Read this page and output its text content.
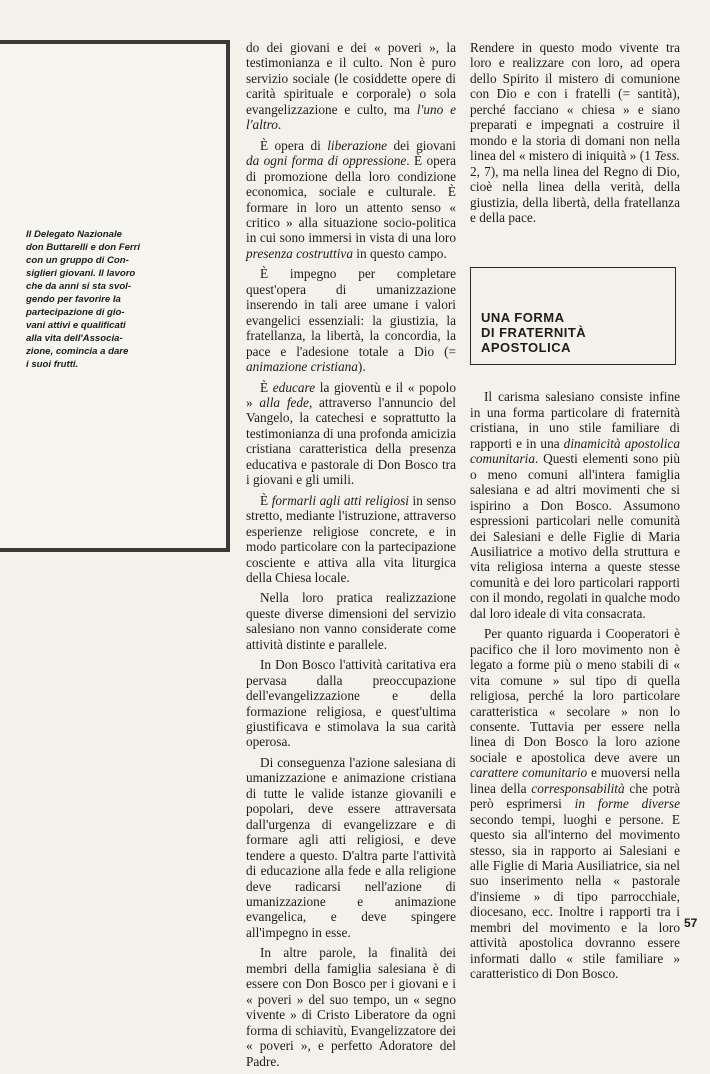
Il Delegato Nazionale
don Buttarelli e don Ferri
con un gruppo di Con-
siglieri giovani. Il lavoro
che da anni si sta svol-
gendo per favorire la
partecipazione di gio-
vani attivi e qualificati
alla vita dell'Associa-
zione, comincia a dare
i suoi frutti.

do dei giovani e dei « poveri », la testimonianza e il culto. Non è puro servizio sociale (le cosiddette opere di carità spirituale e corporale) o sola evangelizzazione e culto, ma l'uno e l'altro.

È opera di liberazione dei giovani da ogni forma di oppressione. È opera di promozione della loro condizione economica, sociale e culturale. È formare in loro un attento senso « critico » alla situazione socio-politica in cui sono immersi in vista di una loro presenza costruttiva in questo campo.

È impegno per completare quest'opera di umanizzazione inserendo in tali aree umane i valori evangelici essenziali: la giustizia, la fratellanza, la libertà, la concordia, la pace e l'adesione totale a Dio (= animazione cristiana).

È educare la gioventù e il « popolo » alla fede, attraverso l'annuncio del Vangelo, la catechesi e soprattutto la testimonianza di una profonda amicizia cristiana caratteristica della presenza educativa e pastorale di Don Bosco tra i giovani e gli umili.

È formarli agli atti religiosi in senso stretto, mediante l'istruzione, attraverso esperienze religiose concrete, e in modo particolare con la partecipazione cosciente e attiva alla vita liturgica della Chiesa locale.

Nella loro pratica realizzazione queste diverse dimensioni del servizio salesiano non vanno considerate come attività distinte e parallele.

In Don Bosco l'attività caritativa era pervasa dalla preoccupazione dell'evangelizzazione e della formazione religiosa, e quest'ultima giustificava e stimolava la sua carità operosa.

Di conseguenza l'azione salesiana di umanizzazione e animazione cristiana di tutte le valide istanze giovanili e popolari, deve essere attraversata dall'urgenza di evangelizzare e di formare agli atti religiosi, e deve tendere a questo. D'altra parte l'attività di educazione alla fede e alla religione deve radicarsi nell'azione di umanizzazione e animazione evangelica, e deve spingere all'impegno in esse.

In altre parole, la finalità dei membri della famiglia salesiana è di essere con Don Bosco per i giovani e i « poveri » del suo tempo, un « segno vivente » di Cristo Liberatore da ogni forma di schiavitù, Evangelizzatore dei « poveri », e perfetto Adoratore del Padre.

Rendere in questo modo vivente tra loro e realizzare con loro, ad opera dello Spirito il mistero di comunione con Dio e con i fratelli (= santità), perché facciano « chiesa » e siano preparati e impegnati a costruire il mondo e la storia di domani non nella linea del « mistero di iniquità » (1 Tess. 2, 7), ma nella linea del Regno di Dio, cioè nella linea della verità, della giustizia, della libertà, della fratellanza e della pace.

UNA FORMA
DI FRATERNITÀ
APOSTOLICA

Il carisma salesiano consiste infine in una forma particolare di fraternità cristiana, in uno stile familiare di rapporti e in una dinamicità apostolica comunitaria. Questi elementi sono più o meno comuni all'intera famiglia salesiana e ad altri movimenti che si ispirino a Don Bosco. Assumono espressioni particolari nelle comunità dei Salesiani e delle Figlie di Maria Ausiliatrice a motivo della struttura e vita religiosa interna a queste stesse comunità e dei loro particolari rapporti con il mondo, regolati in qualche modo dal loro ideale di vita consacrata.

Per quanto riguarda i Cooperatori è pacifico che il loro movimento non è legato a forme più o meno stabili di « vita comune » sul tipo di quella religiosa, perché la loro particolare caratteristica « secolare » non lo consente. Tuttavia per essere nella linea di Don Bosco la loro azione sociale e apostolica deve avere un carattere comunitario e muoversi nella linea della corresponsabilità che potrà però esprimersi in forme diverse secondo tempi, luoghi e persone. E questo sia all'interno del movimento stesso, sia in rapporto ai Salesiani e alle Figlie di Maria Ausiliatrice, sia nel suo inserimento nella « pastorale d'insieme » di tipo parrocchiale, diocesano, ecc. Inoltre i rapporti tra i membri del movimento e la loro attività apostolica dovranno essere informati dallo « stile familiare » caratteristico di Don Bosco.

57
